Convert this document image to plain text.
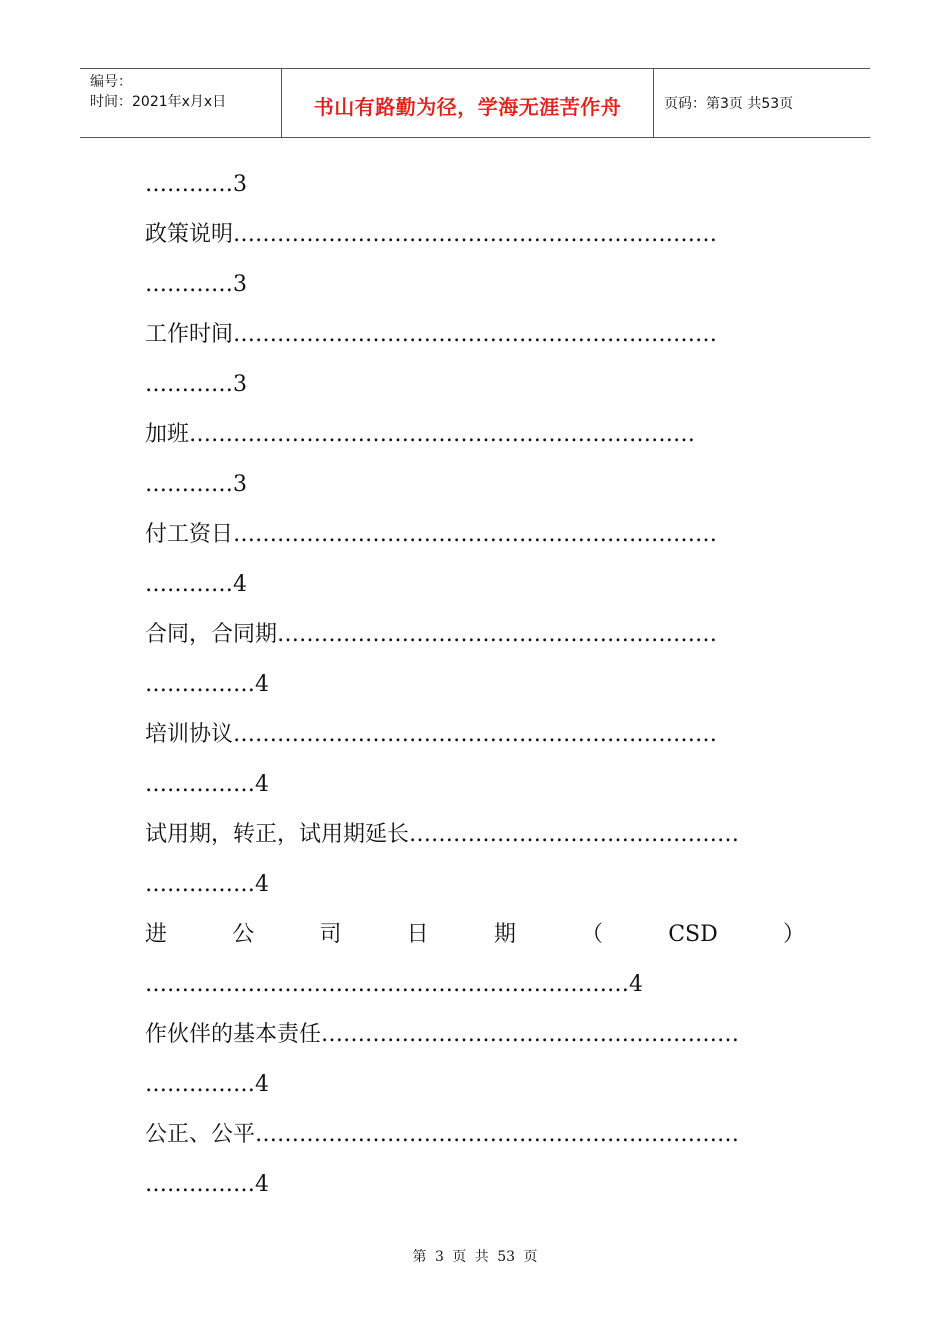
编号：
时间：2021年x月x日	书山有路勤为径，学海无涯苦作舟	页码：第3页 共53页
…………3
政策说明…………………………………………………………
…………3
工作时间…………………………………………………………
…………3
加班……………………………………………………………
…………3
付工资日…………………………………………………………
…………4
合同，合同期……………………………………………………
……………4
培训协议…………………………………………………………
……………4
试用期，转正，试用期延长………………………………………
……………4
进	公	司	日	期	（	CSD	）
…………………………………………………………4
作伙伴的基本责任…………………………………………………
……………4
公正、公平…………………………………………………………
……………4
第 3 页 共 53 页
